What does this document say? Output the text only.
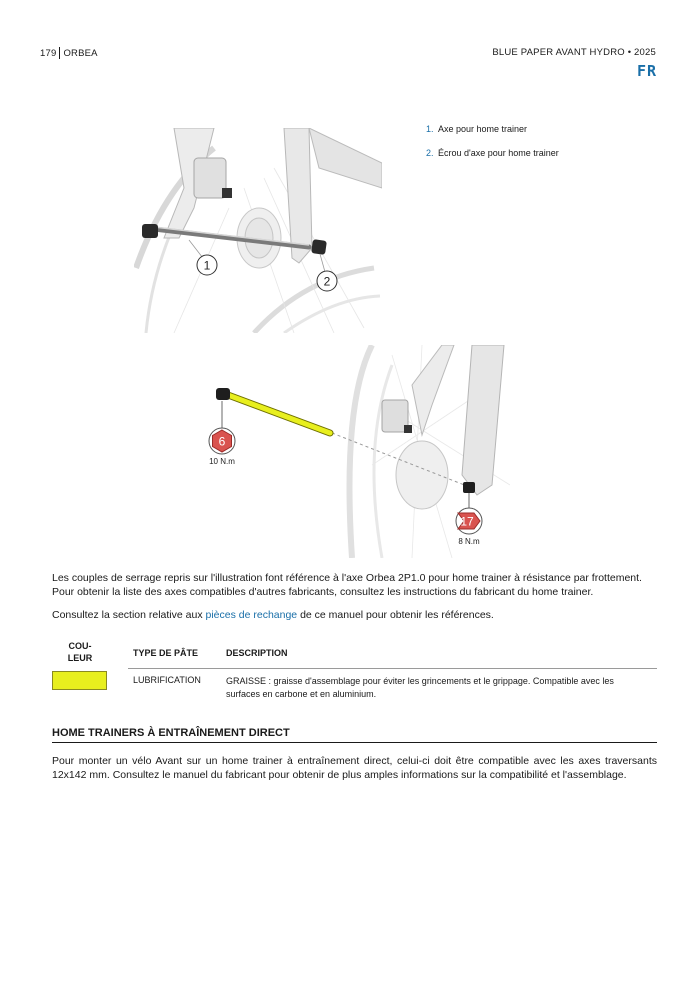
179 ORBEA	BLUE PAPER AVANT HYDRO • 2025
FR
1. Axe pour home trainer
2. Écrou d'axe pour home trainer
1
2
6
10 N.m
17
8 N.m
Les couples de serrage repris sur l'illustration font référence à l'axe Orbea 2P1.0 pour home trainer à résistance par frottement. Pour obtenir la liste des axes compatibles d'autres fabricants, consultez les instructions du fabricant du home trainer.
Consultez la section relative aux pièces de rechange de ce manuel pour obtenir les références.
COU-
LEUR	TYPE DE PÂTE	DESCRIPTION
LUBRIFICATION	GRAISSE : graisse d'assemblage pour éviter les grincements et le grippage. Compatible avec les surfaces en carbone et en aluminium.
HOME TRAINERS À ENTRAÎNEMENT DIRECT
Pour monter un vélo Avant sur un home trainer à entraînement direct, celui-ci doit être compatible avec les axes traversants 12x142 mm. Consultez le manuel du fabricant pour obtenir de plus amples informations sur la compatibilité et l'assemblage.
